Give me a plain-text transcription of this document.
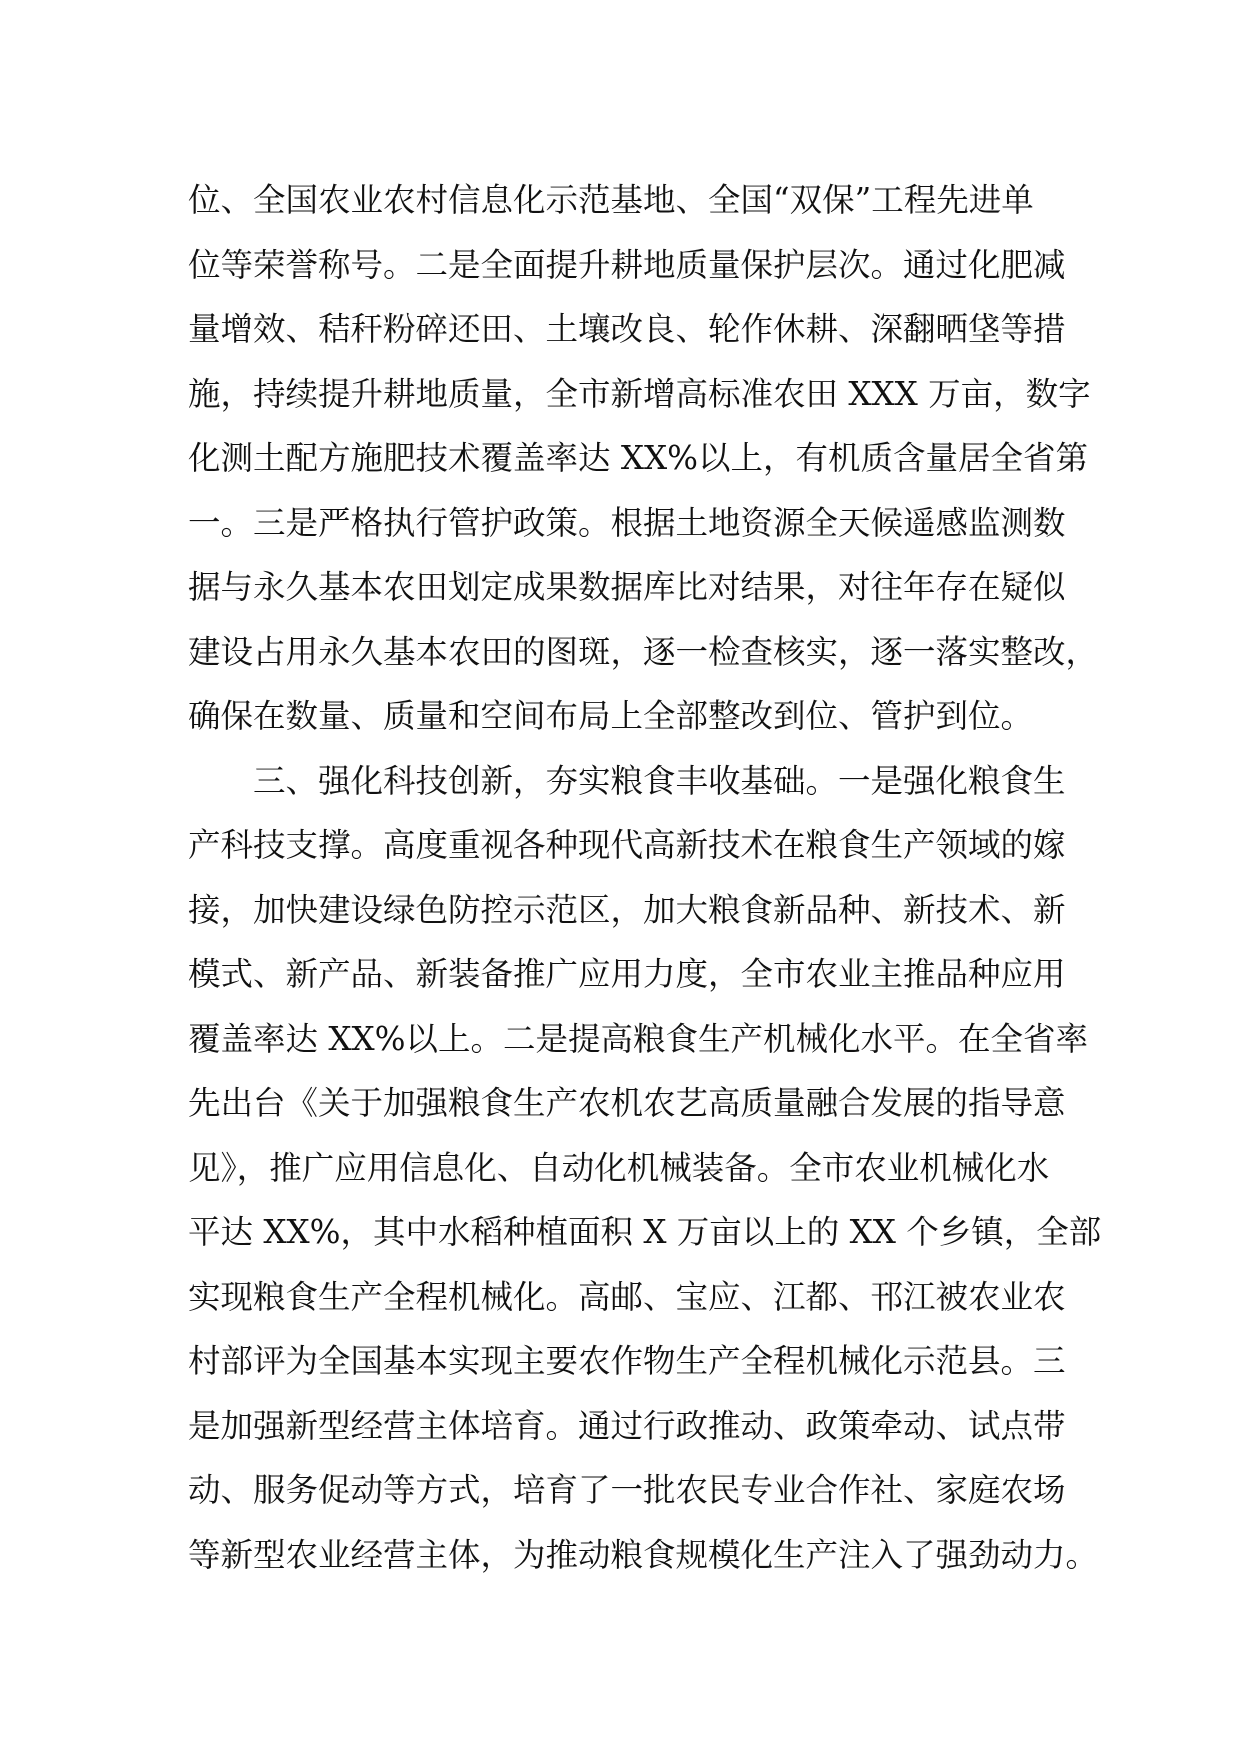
位、全国农业农村信息化示范基地、全国“双保”工程先进单
位等荣誉称号。二是全面提升耕地质量保护层次。通过化肥减
量增效、秸秆粉碎还田、土壤改良、轮作休耕、深翻晒垡等措
施，持续提升耕地质量，全市新增高标准农田 XXX 万亩，数字
化测土配方施肥技术覆盖率达 XX%以上，有机质含量居全省第
一。三是严格执行管护政策。根据土地资源全天候遥感监测数
据与永久基本农田划定成果数据库比对结果，对往年存在疑似
建设占用永久基本农田的图斑，逐一检查核实，逐一落实整改，
确保在数量、质量和空间布局上全部整改到位、管护到位。
　　三、强化科技创新，夯实粮食丰收基础。一是强化粮食生
产科技支撑。高度重视各种现代高新技术在粮食生产领域的嫁
接，加快建设绿色防控示范区，加大粮食新品种、新技术、新
模式、新产品、新装备推广应用力度，全市农业主推品种应用
覆盖率达 XX%以上。二是提高粮食生产机械化水平。在全省率
先出台《关于加强粮食生产农机农艺高质量融合发展的指导意
见》，推广应用信息化、自动化机械装备。全市农业机械化水
平达 XX%，其中水稻种植面积 X 万亩以上的 XX 个乡镇，全部
实现粮食生产全程机械化。高邮、宝应、江都、邗江被农业农
村部评为全国基本实现主要农作物生产全程机械化示范县。三
是加强新型经营主体培育。通过行政推动、政策牵动、试点带
动、服务促动等方式，培育了一批农民专业合作社、家庭农场
等新型农业经营主体，为推动粮食规模化生产注入了强劲动力。
